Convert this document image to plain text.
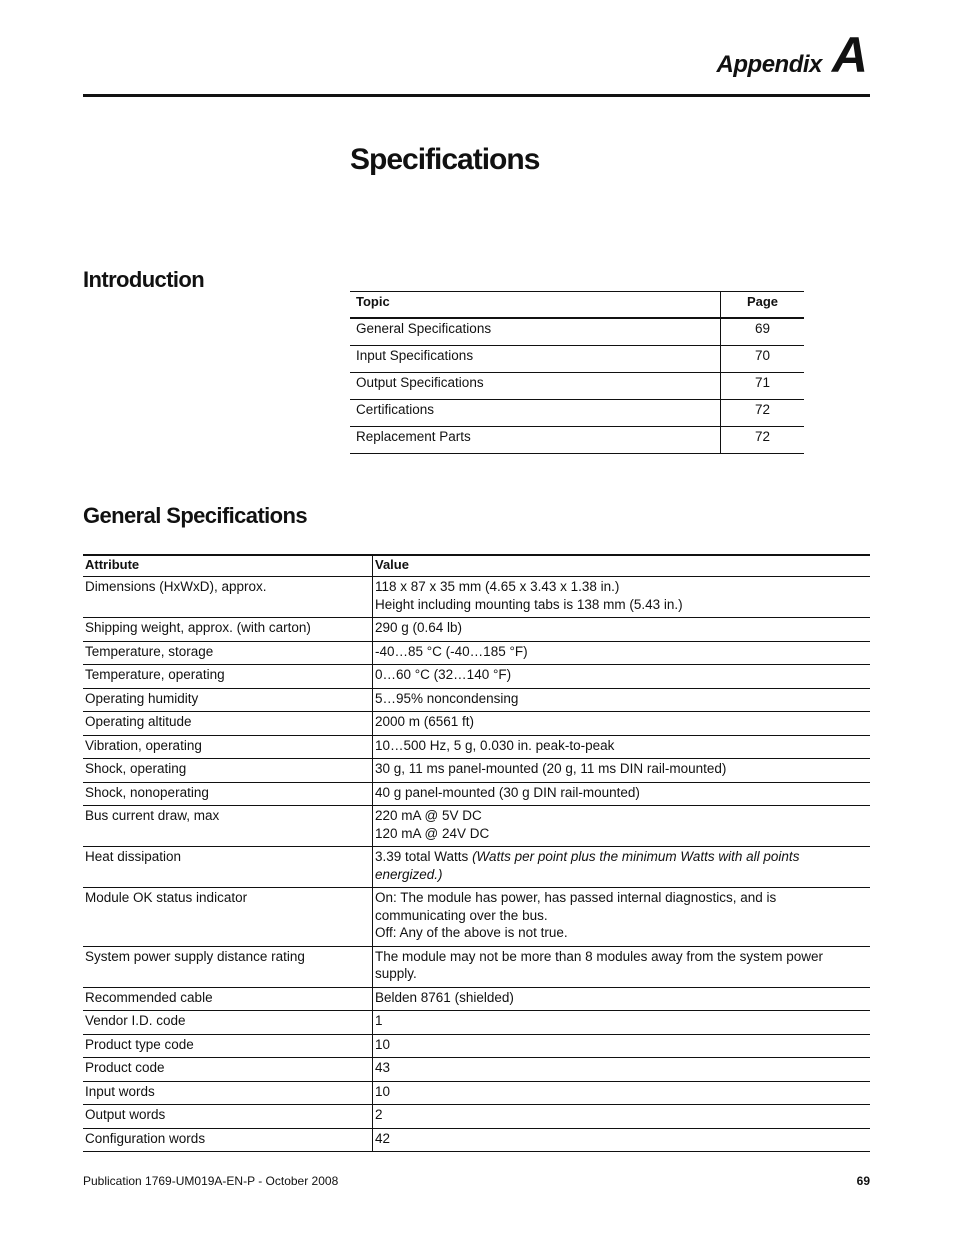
Appendix A
Specifications
Introduction
Topic	Page
General Specifications	69
Input Specifications	70
Output Specifications	71
Certifications	72
Replacement Parts	72
General Specifications
Attribute	Value
Dimensions (HxWxD), approx.	118 x 87 x 35 mm (4.65 x 3.43 x 1.38 in.)
Height including mounting tabs is 138 mm (5.43 in.)

Shipping weight, approx. (with carton)	290 g (0.64 lb)

Temperature, storage	-40…85 °C (-40…185 °F)

Temperature, operating	0…60 °C (32…140 °F)

Operating humidity	5…95% noncondensing

Operating altitude	2000 m (6561 ft)

Vibration, operating	10…500 Hz, 5 g, 0.030 in. peak-to-peak

Shock, operating	30 g, 11 ms panel-mounted (20 g, 11 ms DIN rail-mounted)

Shock, nonoperating	40 g panel-mounted (30 g DIN rail-mounted)

Bus current draw, max	220 mA @ 5V DC
120 mA @ 24V DC

Heat dissipation	3.39 total Watts (Watts per point plus the minimum Watts with all points energized.)
Module OK status indicator	On: The module has power, has passed internal diagnostics, and is communicating over the bus.
Off: Any of the above is not true.

System power supply distance rating	The module may not be more than 8 modules away from the system power supply.

Recommended cable	Belden 8761 (shielded)

Vendor I.D. code	1

Product type code	10

Product code	43

Input words	10

Output words	2

Configuration words	42
Publication 1769-UM019A-EN-P - October 2008	69
